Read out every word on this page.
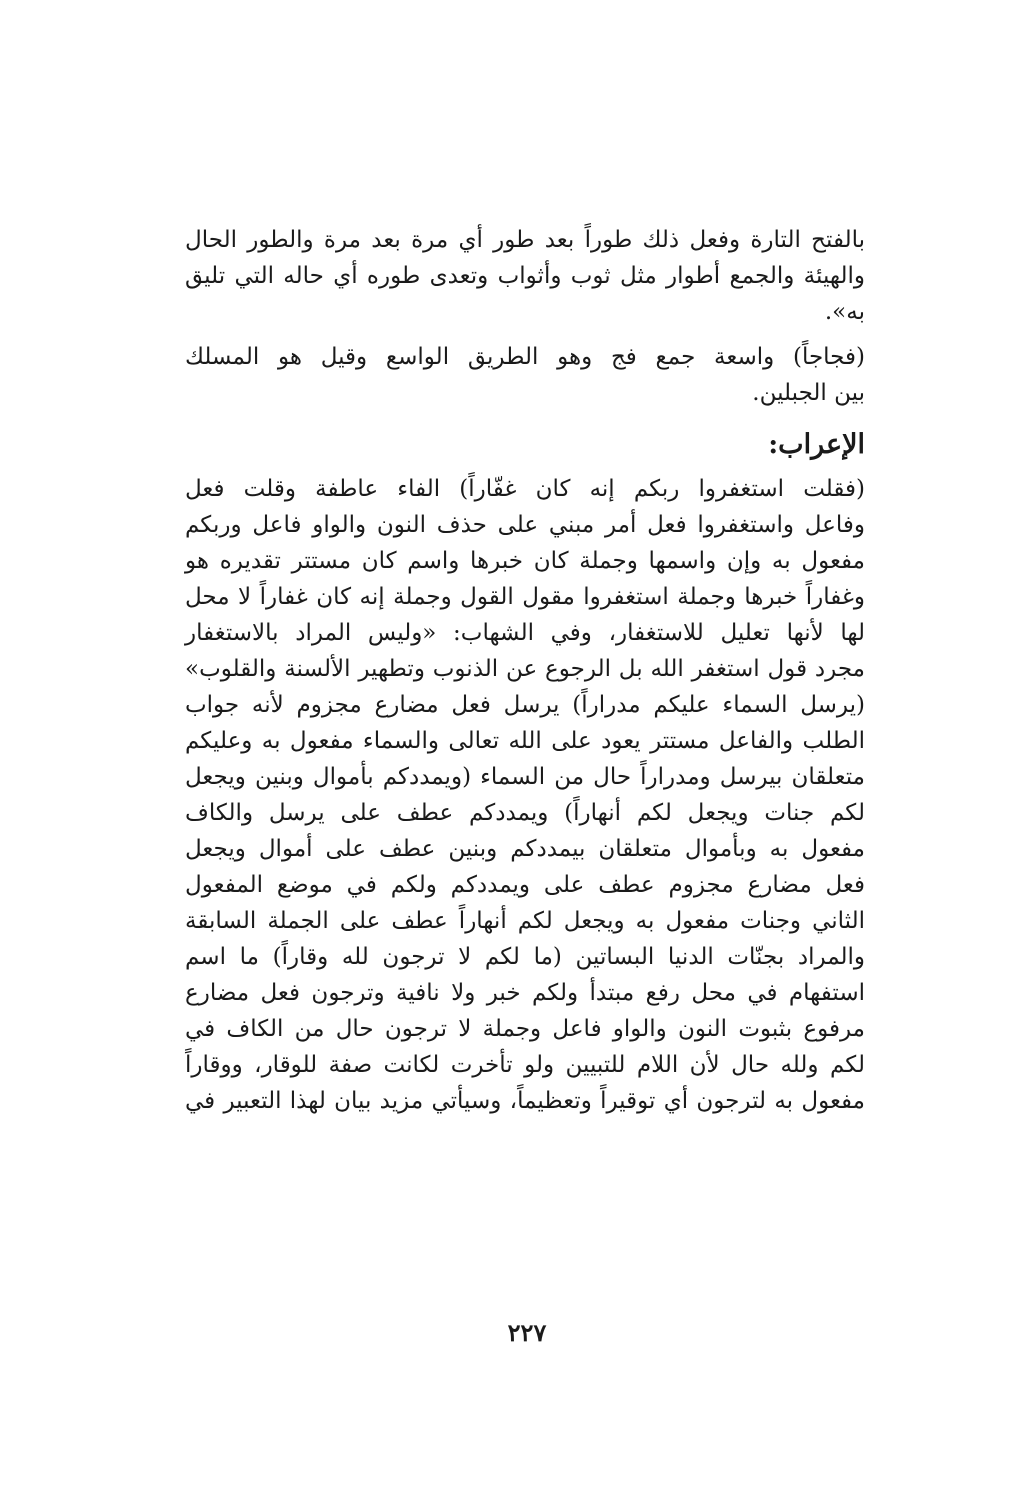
بالفتح التارة وفعل ذلك طوراً بعد طور أي مرة بعد مرة والطور الحال
والهيئة والجمع أطوار مثل ثوب وأثواب وتعدى طوره أي حاله التي تليق
به».
(فجاجاً) واسعة جمع فج وهو الطريق الواسع وقيل هو المسلك
بين الجبلين.
الإعراب:
(فقلت استغفروا ربكم إنه كان غفّاراً) الفاء عاطفة وقلت فعل
وفاعل واستغفروا فعل أمر مبني على حذف النون والواو فاعل وربكم
مفعول به وإن واسمها وجملة كان خبرها واسم كان مستتر تقديره هو
وغفاراً خبرها وجملة استغفروا مقول القول وجملة إنه كان غفاراً لا محل
لها لأنها تعليل للاستغفار، وفي الشهاب: «وليس المراد بالاستغفار
مجرد قول استغفر الله بل الرجوع عن الذنوب وتطهير الألسنة والقلوب»
(يرسل السماء عليكم مدراراً) يرسل فعل مضارع مجزوم لأنه جواب
الطلب والفاعل مستتر يعود على الله تعالى والسماء مفعول به وعليكم
متعلقان بيرسل ومدراراً حال من السماء (ويمددكم بأموال وبنين ويجعل
لكم جنات ويجعل لكم أنهاراً) ويمددكم عطف على يرسل والكاف
مفعول به وبأموال متعلقان بيمددكم وبنين عطف على أموال ويجعل
فعل مضارع مجزوم عطف على ويمددكم ولكم في موضع المفعول
الثاني وجنات مفعول به ويجعل لكم أنهاراً عطف على الجملة السابقة
والمراد بجنّات الدنيا البساتين (ما لكم لا ترجون لله وقاراً) ما اسم
استفهام في محل رفع مبتدأ ولكم خبر ولا نافية وترجون فعل مضارع
مرفوع بثبوت النون والواو فاعل وجملة لا ترجون حال من الكاف في
لكم ولله حال لأن اللام للتبيين ولو تأخرت لكانت صفة للوقار، ووقاراً
مفعول به لترجون أي توقيراً وتعظيماً، وسيأتي مزيد بيان لهذا التعبير في
٢٢٧
